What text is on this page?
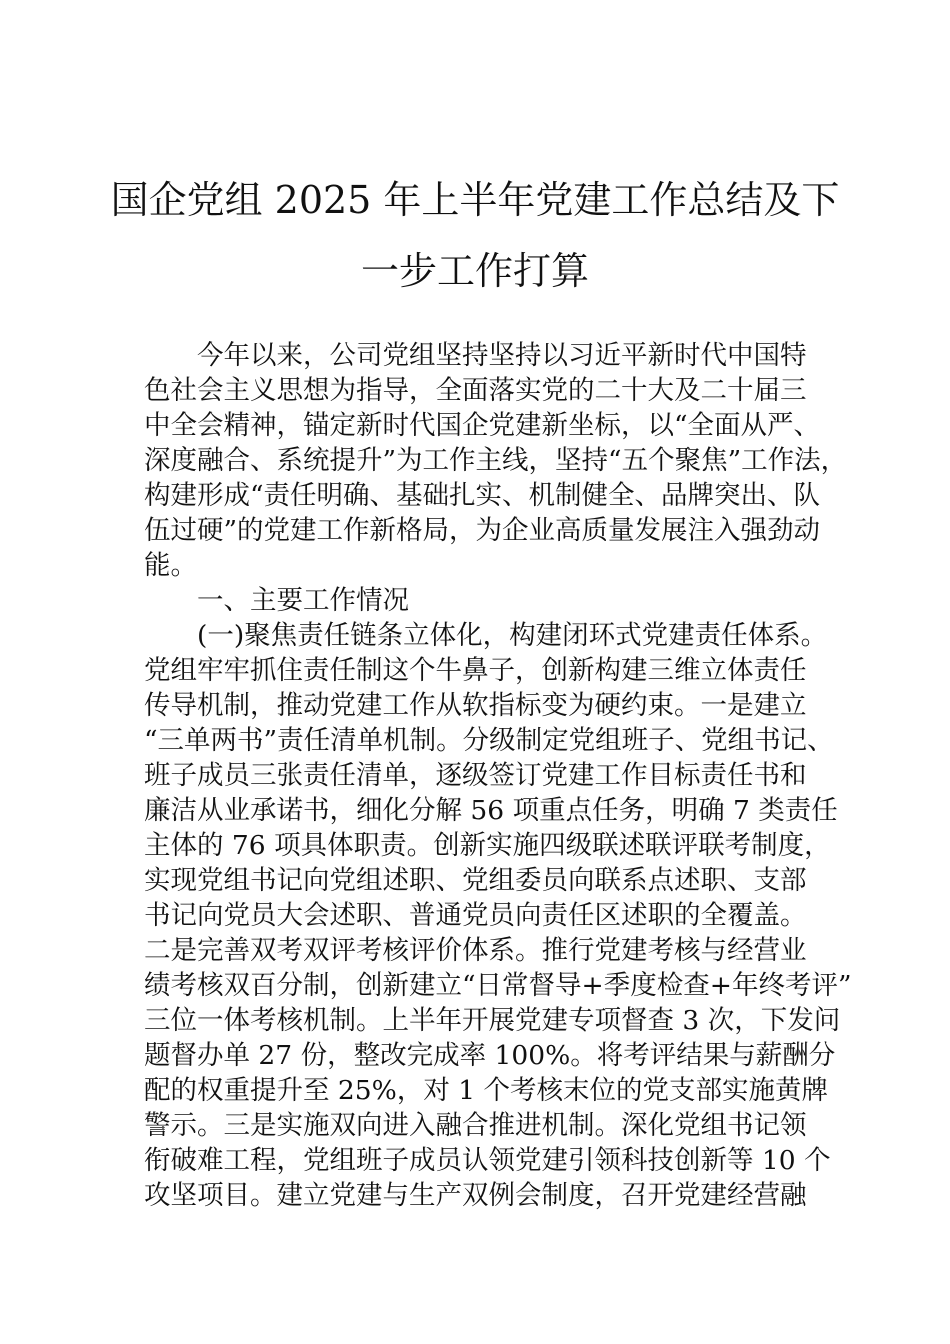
国企党组 2025 年上半年党建工作总结及下
一步工作打算
　　今年以来，公司党组坚持坚持以习近平新时代中国特
色社会主义思想为指导，全面落实党的二十大及二十届三
中全会精神，锚定新时代国企党建新坐标，以“全面从严、
深度融合、系统提升”为工作主线，坚持“五个聚焦”工作法，
构建形成“责任明确、基础扎实、机制健全、品牌突出、队
伍过硬”的党建工作新格局，为企业高质量发展注入强劲动
能。
　　一、主要工作情况
　　(一)聚焦责任链条立体化，构建闭环式党建责任体系。
党组牢牢抓住责任制这个牛鼻子，创新构建三维立体责任
传导机制，推动党建工作从软指标变为硬约束。一是建立
“三单两书”责任清单机制。分级制定党组班子、党组书记、
班子成员三张责任清单，逐级签订党建工作目标责任书和
廉洁从业承诺书，细化分解 56 项重点任务，明确 7 类责任
主体的 76 项具体职责。创新实施四级联述联评联考制度，
实现党组书记向党组述职、党组委员向联系点述职、支部
书记向党员大会述职、普通党员向责任区述职的全覆盖。
二是完善双考双评考核评价体系。推行党建考核与经营业
绩考核双百分制，创新建立“日常督导+季度检查+年终考评”
三位一体考核机制。上半年开展党建专项督查 3 次，下发问
题督办单 27 份，整改完成率 100%。将考评结果与薪酬分
配的权重提升至 25%，对 1 个考核末位的党支部实施黄牌
警示。三是实施双向进入融合推进机制。深化党组书记领
衔破难工程，党组班子成员认领党建引领科技创新等 10 个
攻坚项目。建立党建与生产双例会制度，召开党建经营融
